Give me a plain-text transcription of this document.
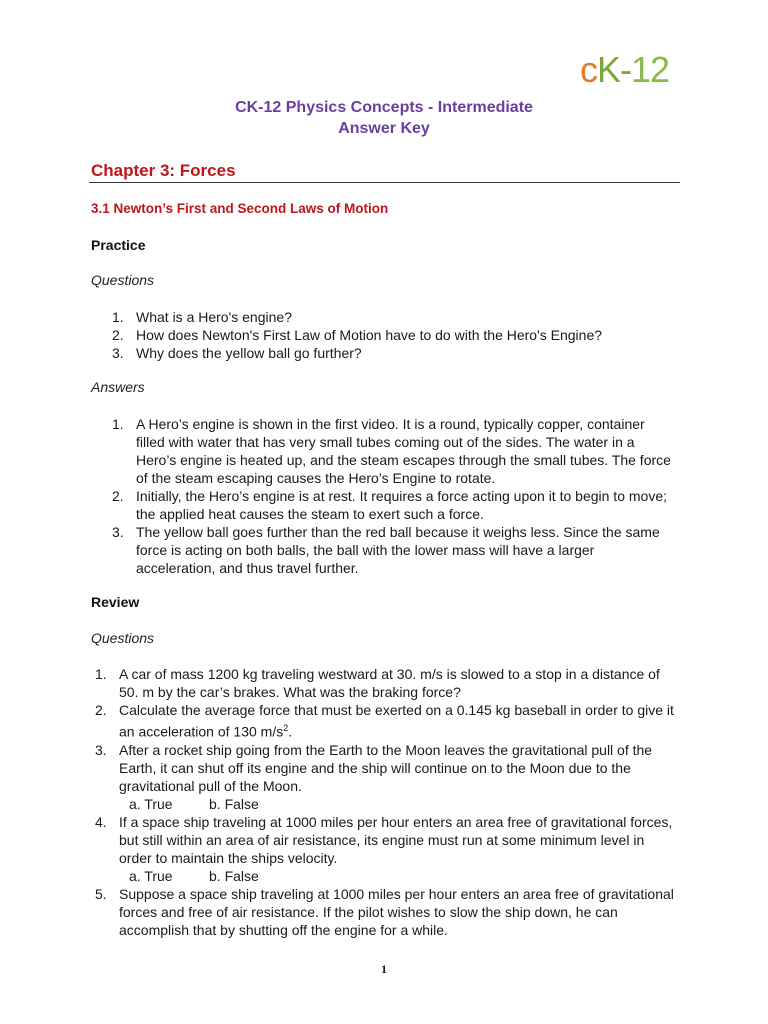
cK-12
CK-12 Physics Concepts - Intermediate
Answer Key
Chapter 3: Forces
3.1 Newton’s First and Second Laws of Motion
Practice
Questions
1. What is a Hero's engine?
2. How does Newton's First Law of Motion have to do with the Hero's Engine?
3. Why does the yellow ball go further?
Answers
1. A Hero’s engine is shown in the first video. It is a round, typically copper, container filled with water that has very small tubes coming out of the sides. The water in a Hero’s engine is heated up, and the steam escapes through the small tubes. The force of the steam escaping causes the Hero’s Engine to rotate.
2. Initially, the Hero’s engine is at rest. It requires a force acting upon it to begin to move; the applied heat causes the steam to exert such a force.
3. The yellow ball goes further than the red ball because it weighs less. Since the same force is acting on both balls, the ball with the lower mass will have a larger acceleration, and thus travel further.
Review
Questions
1. A car of mass 1200 kg traveling westward at 30. m/s is slowed to a stop in a distance of 50. m by the car’s brakes. What was the braking force?
2. Calculate the average force that must be exerted on a 0.145 kg baseball in order to give it an acceleration of 130 $m/s^2$.
3. After a rocket ship going from the Earth to the Moon leaves the gravitational pull of the Earth, it can shut off its engine and the ship will continue on to the Moon due to the gravitational pull of the Moon.
a. True	b. False
4. If a space ship traveling at 1000 miles per hour enters an area free of gravitational forces, but still within an area of air resistance, its engine must run at some minimum level in order to maintain the ships velocity.
a. True	b. False
5. Suppose a space ship traveling at 1000 miles per hour enters an area free of gravitational forces and free of air resistance. If the pilot wishes to slow the ship down, he can accomplish that by shutting off the engine for a while.
1
